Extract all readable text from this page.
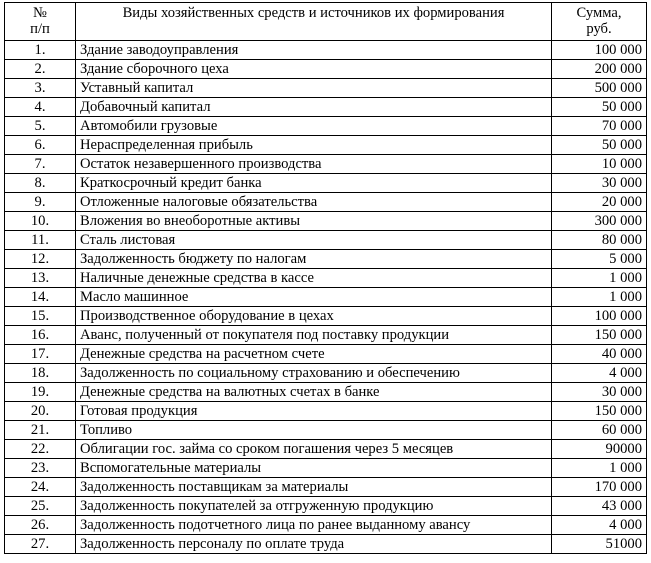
№
п/п	Виды хозяйственных средств и источников их формирования	Сумма,
руб.

1.	Здание заводоуправления	100 000
2.	Здание сборочного цеха	200 000
3.	Уставный капитал	500 000
4.	Добавочный капитал	50 000
5.	Автомобили грузовые	70 000
6.	Нераспределенная прибыль	50 000
7.	Остаток незавершенного производства	10 000
8.	Краткосрочный кредит банка	30 000
9.	Отложенные налоговые обязательства	20 000
10.	Вложения во внеоборотные активы	300 000
11.	Сталь листовая	80 000
12.	Задолженность бюджету по налогам	5 000
13.	Наличные денежные средства в кассе	1 000
14.	Масло машинное	1 000
15.	Производственное оборудование в цехах	100 000
16.	Аванс, полученный от покупателя под поставку продукции	150 000
17.	Денежные средства на расчетном счете	40 000
18.	Задолженность по социальному страхованию и обеспечению	4 000
19.	Денежные средства на валютных счетах в банке	30 000
20.	Готовая продукция	150 000
21.	Топливо	60 000
22.	Облигации гос. займа со сроком погашения через 5 месяцев	90000
23.	Вспомогательные материалы	1 000
24.	Задолженность поставщикам за материалы	170 000
25.	Задолженность покупателей за отгруженную продукцию	43 000
26.	Задолженность подотчетного лица по ранее выданному авансу	4 000
27.	Задолженность персоналу по оплате труда	51000
